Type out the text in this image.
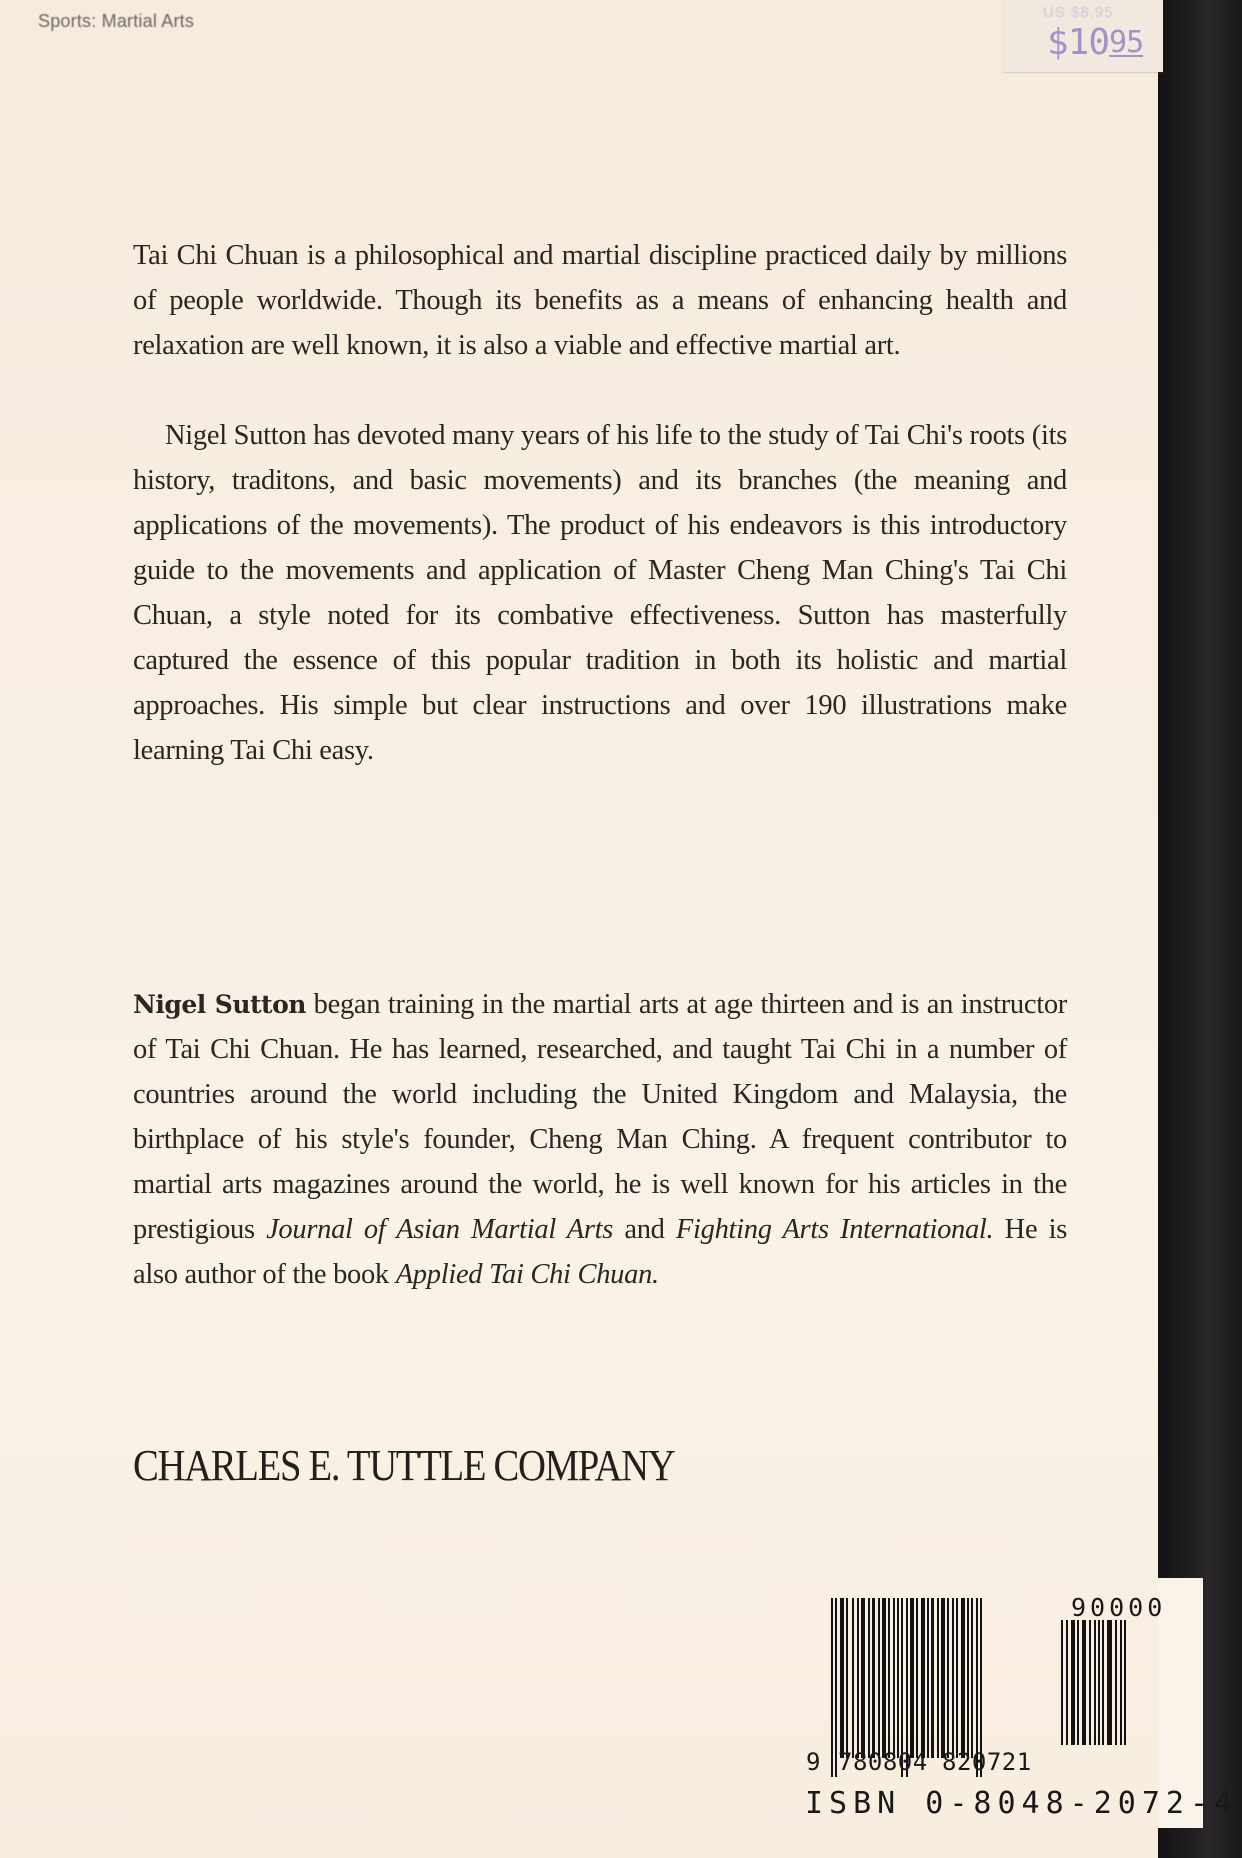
Sports: Martial Arts	US $8.95
$10 95

Tai Chi Chuan is a philosophical and martial discipline practiced daily by millions of people worldwide. Though its benefits as a means of enhancing health and relaxation are well known, it is also a viable and effective martial art.

Nigel Sutton has devoted many years of his life to the study of Tai Chi's roots (its history, traditons, and basic movements) and its branches (the meaning and applications of the movements). The product of his endeavors is this introductory guide to the movements and application of Master Cheng Man Ching's Tai Chi Chuan, a style noted for its combative effectiveness. Sutton has masterfully captured the essence of this popular tradition in both its holistic and martial approaches. His simple but clear instructions and over 190 illustrations make learning Tai Chi easy.

Nigel Sutton began training in the martial arts at age thirteen and is an instructor of Tai Chi Chuan. He has learned, researched, and taught Tai Chi in a number of countries around the world including the United Kingdom and Malaysia, the birthplace of his style's founder, Cheng Man Ching. A frequent contributor to martial arts magazines around the world, he is well known for his articles in the prestigious Journal of Asian Martial Arts and Fighting Arts International. He is also author of the book Applied Tai Chi Chuan.

CHARLES E. TUTTLE COMPANY
90000
9 780804 820721
ISBN 0-8048-2072-4
